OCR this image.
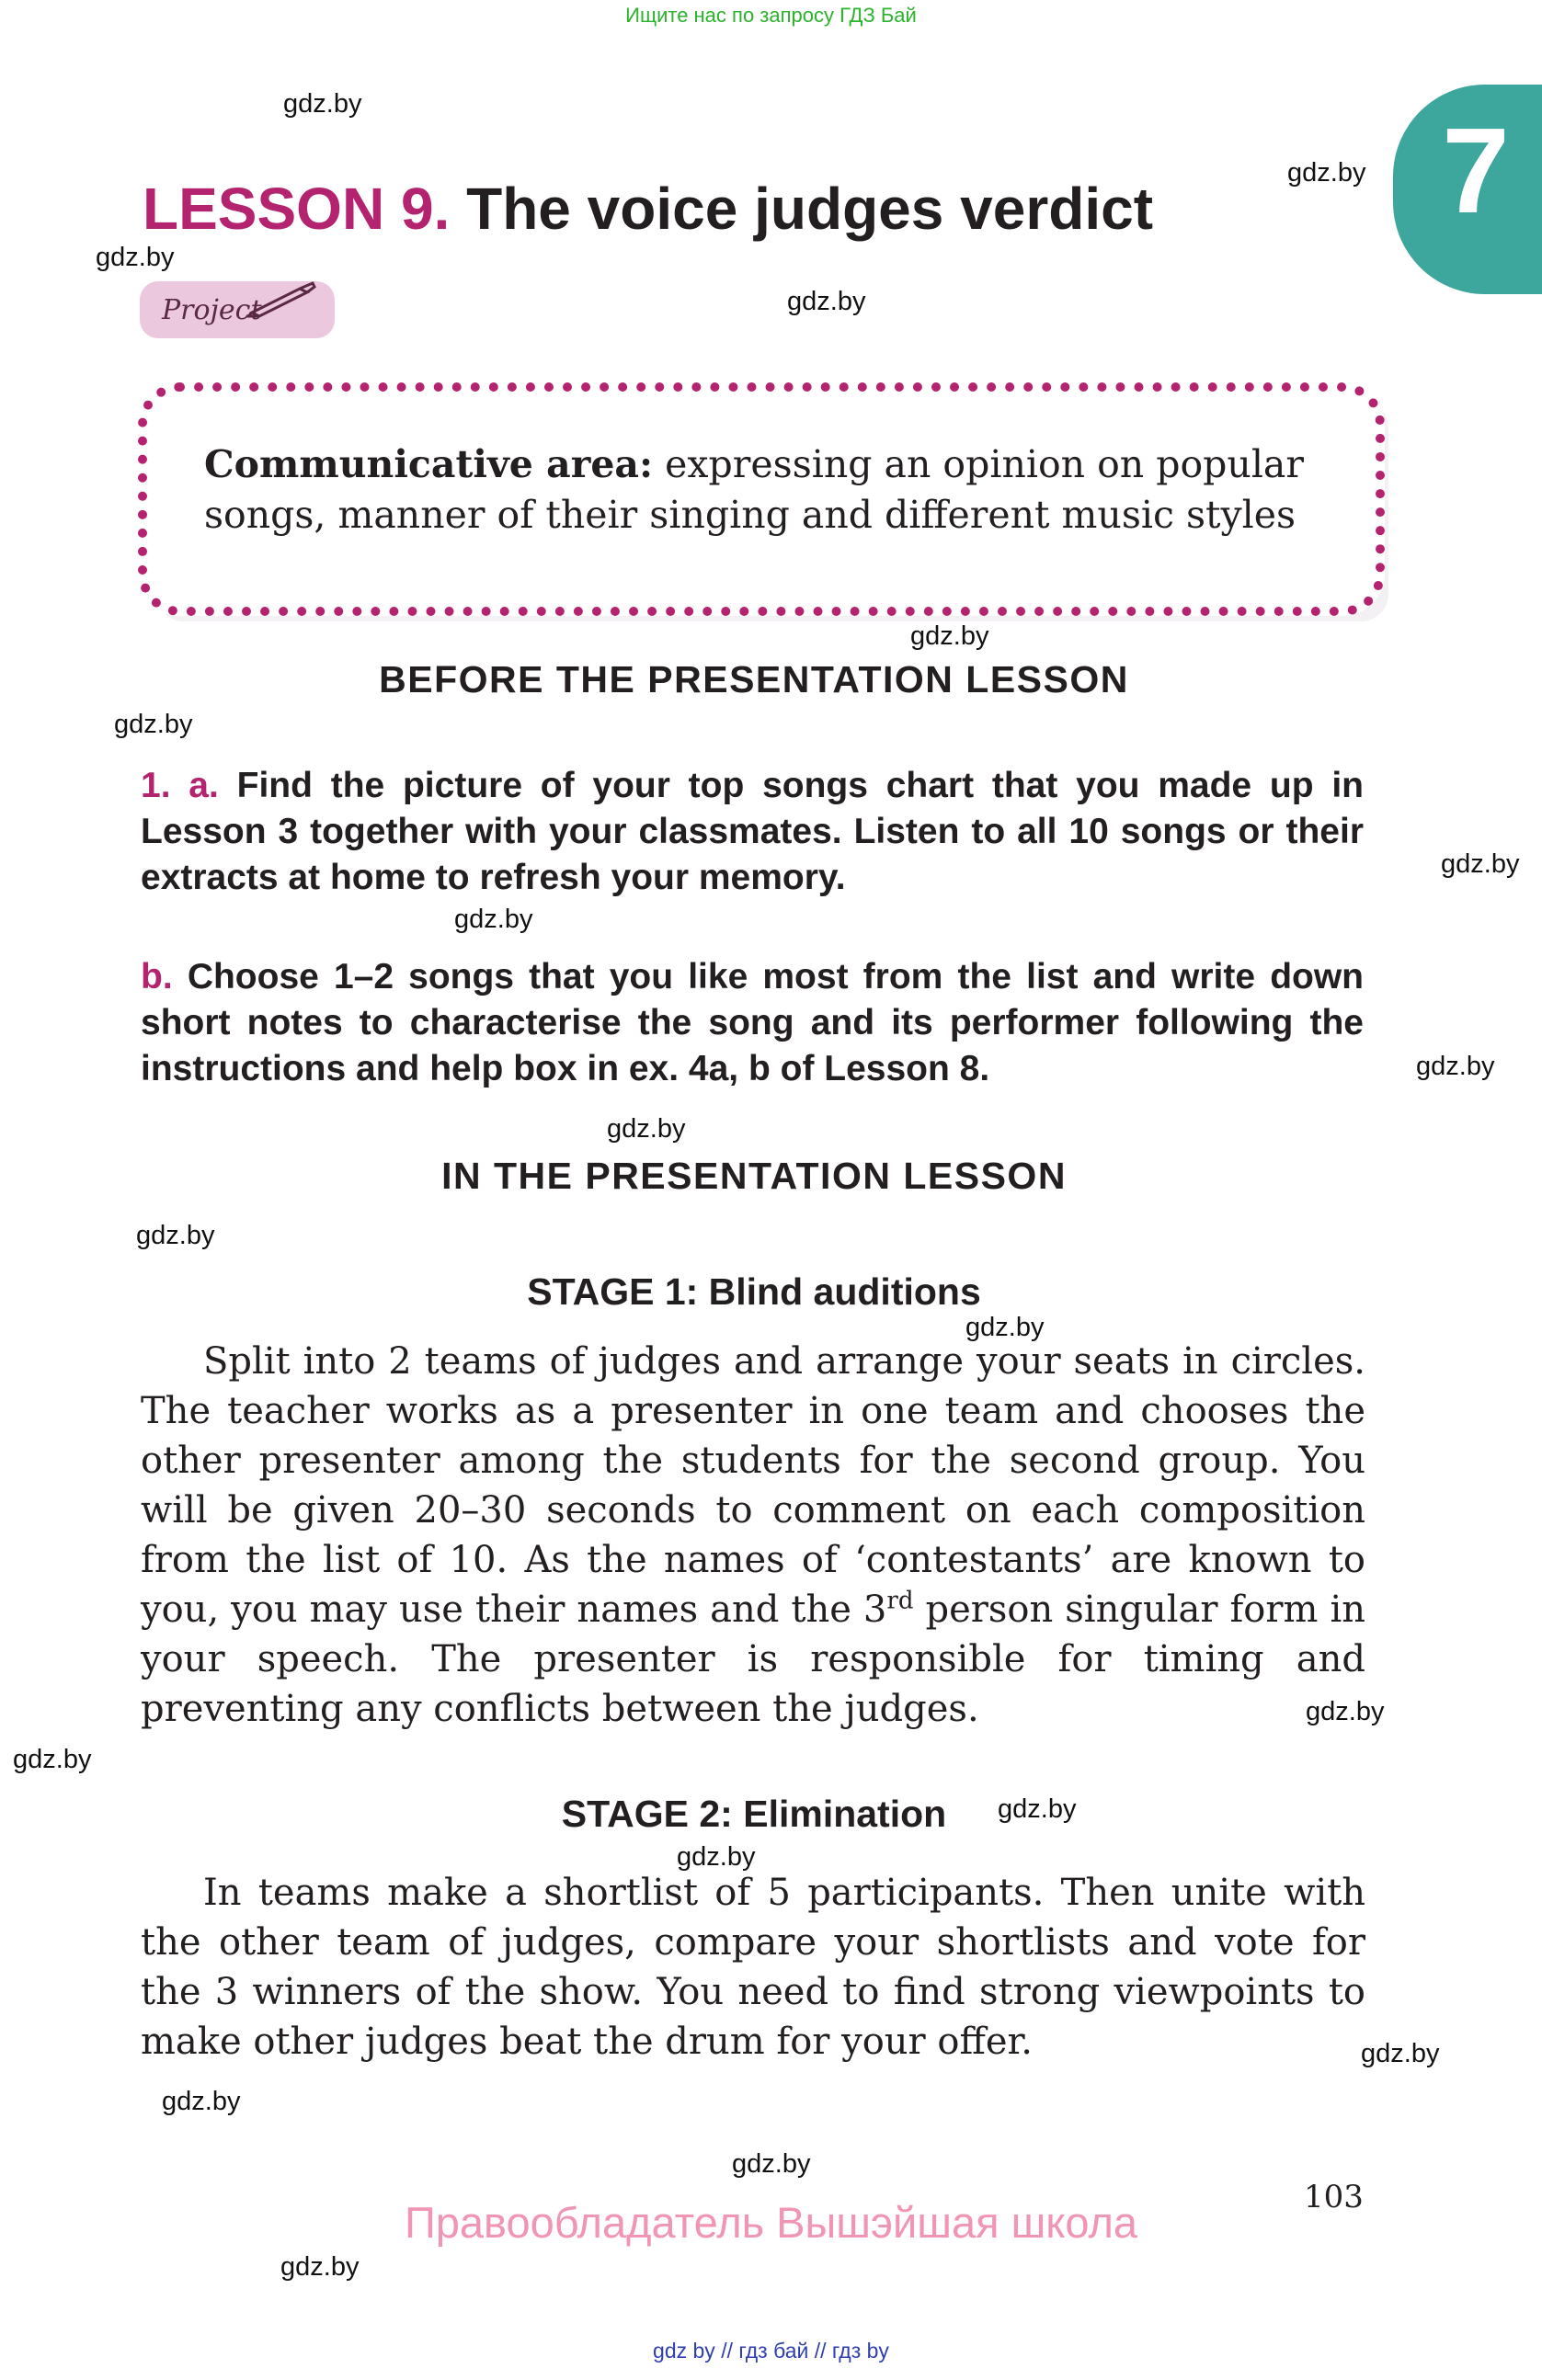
Ищите нас по запросу ГДЗ Бай
7
LESSON 9. The voice judges verdict
Project
Communicative area: expressing an opinion on popular
songs, manner of their singing and different music styles
BEFORE THE PRESENTATION LESSON
1. a. Find the picture of your top songs chart that you made up in Lesson 3 together with your classmates. Listen to all 10 songs or their extracts at home to refresh your memory.
b. Choose 1–2 songs that you like most from the list and write down short notes to characterise the song and its performer following the instructions and help box in ex. 4a, b of Lesson 8.
IN THE PRESENTATION LESSON
STAGE 1: Blind auditions
Split into 2 teams of judges and arrange your seats in circles. The teacher works as a presenter in one team and chooses the other presenter among the students for the second group. You will be given 20–30 seconds to comment on each composition from the list of 10. As the names of ‘contestants’ are known to you, you may use their names and the 3rd person singular form in your speech. The presenter is responsible for timing and preventing any conflicts between the judges.
STAGE 2: Elimination
In teams make a shortlist of 5 participants. Then unite with the other team of judges, compare your shortlists and vote for the 3 winners of the show. You need to find strong viewpoints to make other judges beat the drum for your offer.
103
Правообладатель Вышэйшая школа
gdz by // гдз бай // гдз by
gdz.by
gdz.by
gdz.by
gdz.by
gdz.by
gdz.by
gdz.by
gdz.by
gdz.by
gdz.by
gdz.by
gdz.by
gdz.by
gdz.by
gdz.by
gdz.by
gdz.by
gdz.by
gdz.by
gdz.by
